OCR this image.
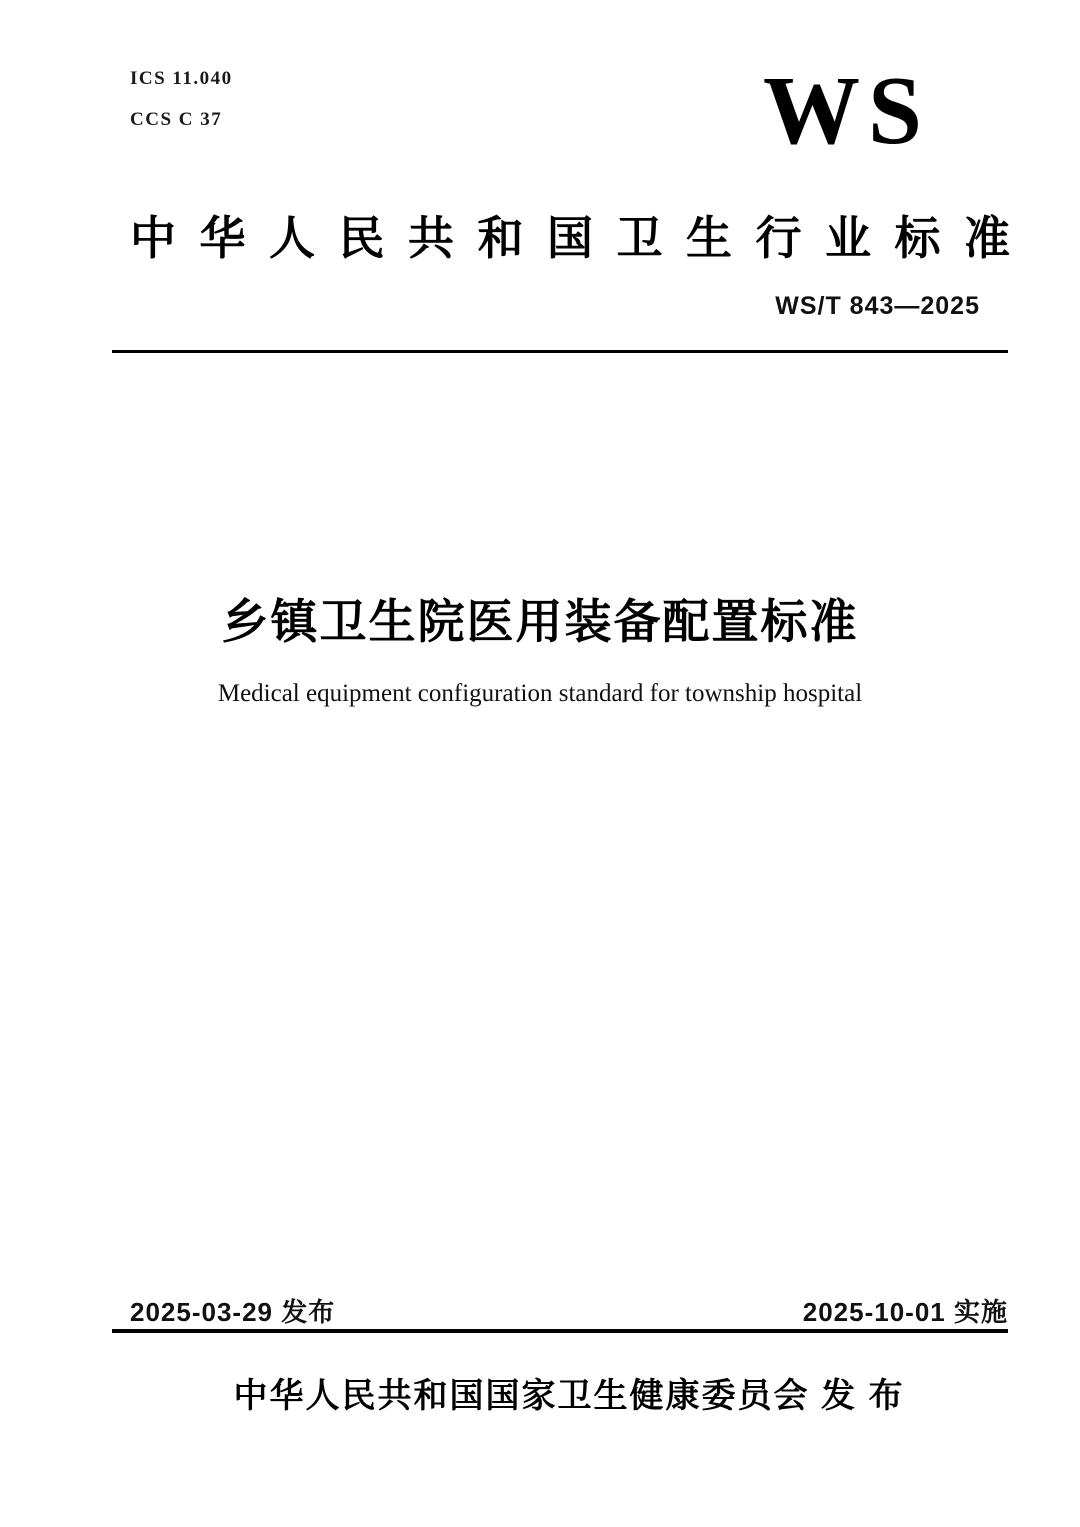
ICS 11.040
CCS C 37	WS
中 华 人 民 共 和 国 卫 生 行 业 标 准
WS/T 843—2025
乡镇卫生院医用装备配置标准
Medical equipment configuration standard for township hospital
2025-03-29 发布	2025-10-01 实施
中华人民共和国国家卫生健康委员会 发 布
